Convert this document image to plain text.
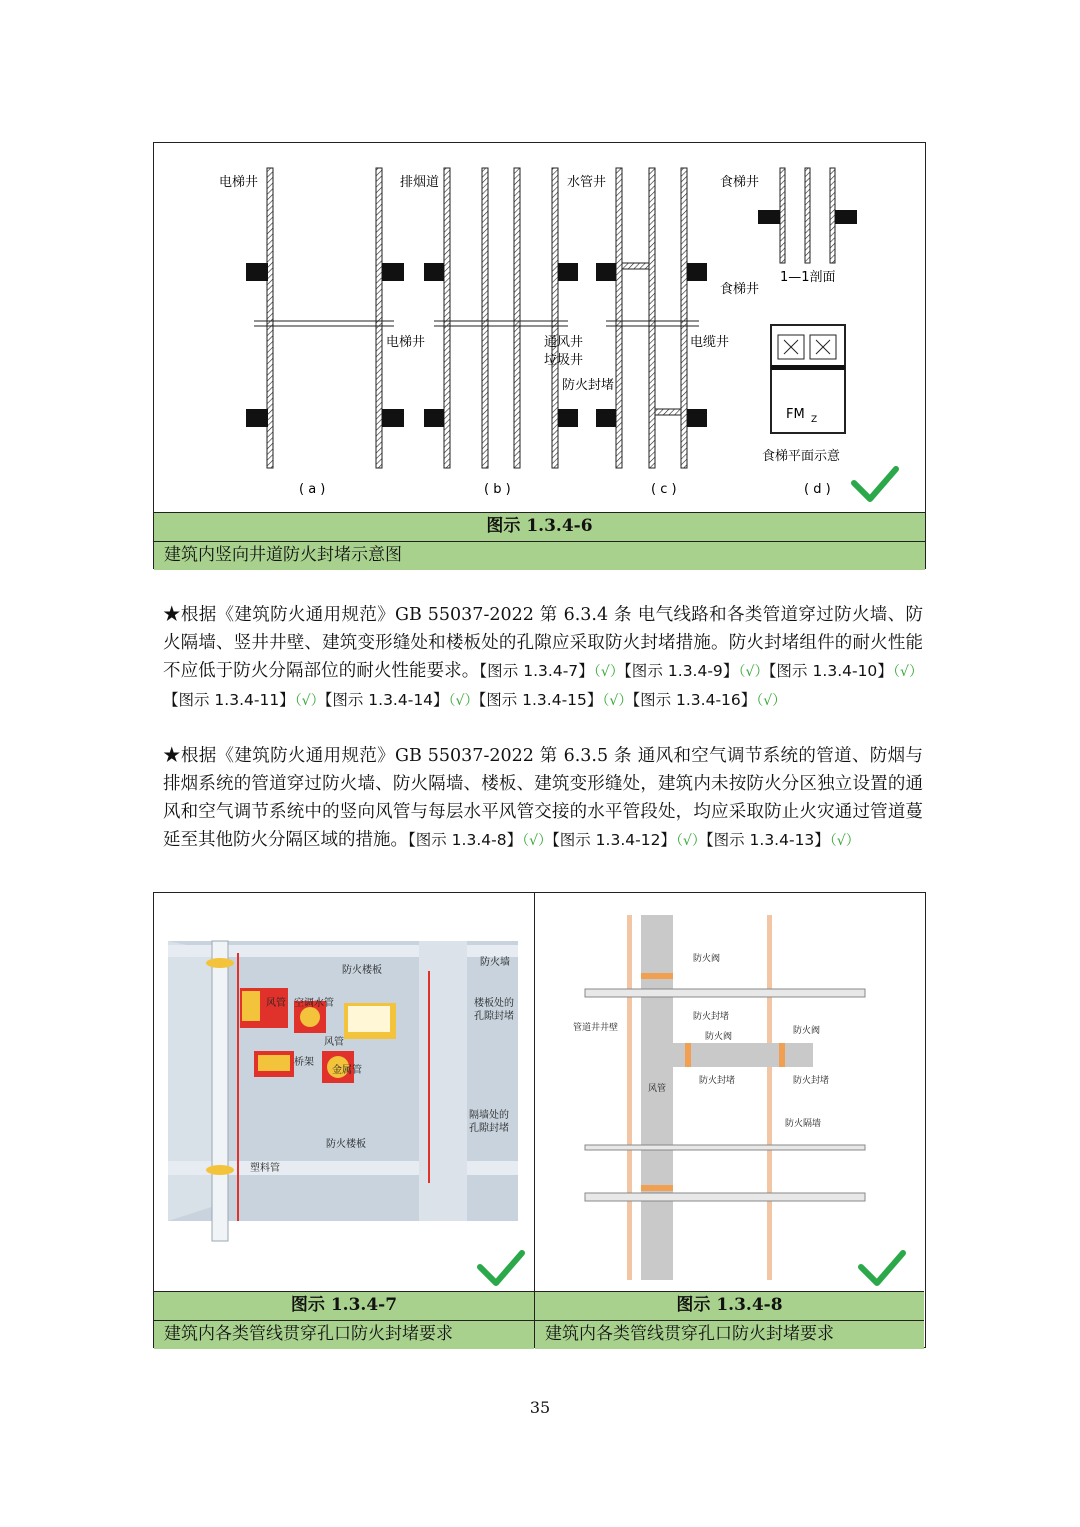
电梯井
电梯井
排烟道
通风井
垃圾井
水管井
电缆井
防火封堵
食梯井
1—1剖面
食梯井
FM Z
食梯平面示意
( a )	( b )	( c )	( d )
图示 1.3.4-6
建筑内竖向井道防火封堵示意图
★根据《建筑防火通用规范》GB 55037-2022 第 6.3.4 条 电气线路和各类管道穿过防火墙、防火隔墙、竖井井壁、建筑变形缝处和楼板处的孔隙应采取防火封堵措施。防火封堵组件的耐火性能不应低于防火分隔部位的耐火性能要求。【图示 1.3.4-7】（√）【图示 1.3.4-9】（√）【图示 1.3.4-10】（√）【图示 1.3.4-11】（√）【图示 1.3.4-14】（√）【图示 1.3.4-15】（√）【图示 1.3.4-16】（√）
★根据《建筑防火通用规范》GB 55037-2022 第 6.3.5 条 通风和空气调节系统的管道、防烟与排烟系统的管道穿过防火墙、防火隔墙、楼板、建筑变形缝处，建筑内未按防火分区独立设置的通风和空气调节系统中的竖向风管与每层水平风管交接的水平管段处，均应采取防止火灾通过管道蔓延至其他防火分隔区域的措施。【图示 1.3.4-8】（√）【图示 1.3.4-12】（√）【图示 1.3.4-13】（√）
防火楼板
防火墙
风管 空调水管
风管
楼板处的
孔隙封堵
桥架
金属管
隔墙处的
孔隙封堵
防火楼板
塑料管
图示 1.3.4-7
建筑内各类管线贯穿孔口防火封堵要求
防火阀
防火封堵
管道井井壁
防火阀
防火阀
风管
防火封堵	防火封堵
防火隔墙
图示 1.3.4-8
建筑内各类管线贯穿孔口防火封堵要求
35
